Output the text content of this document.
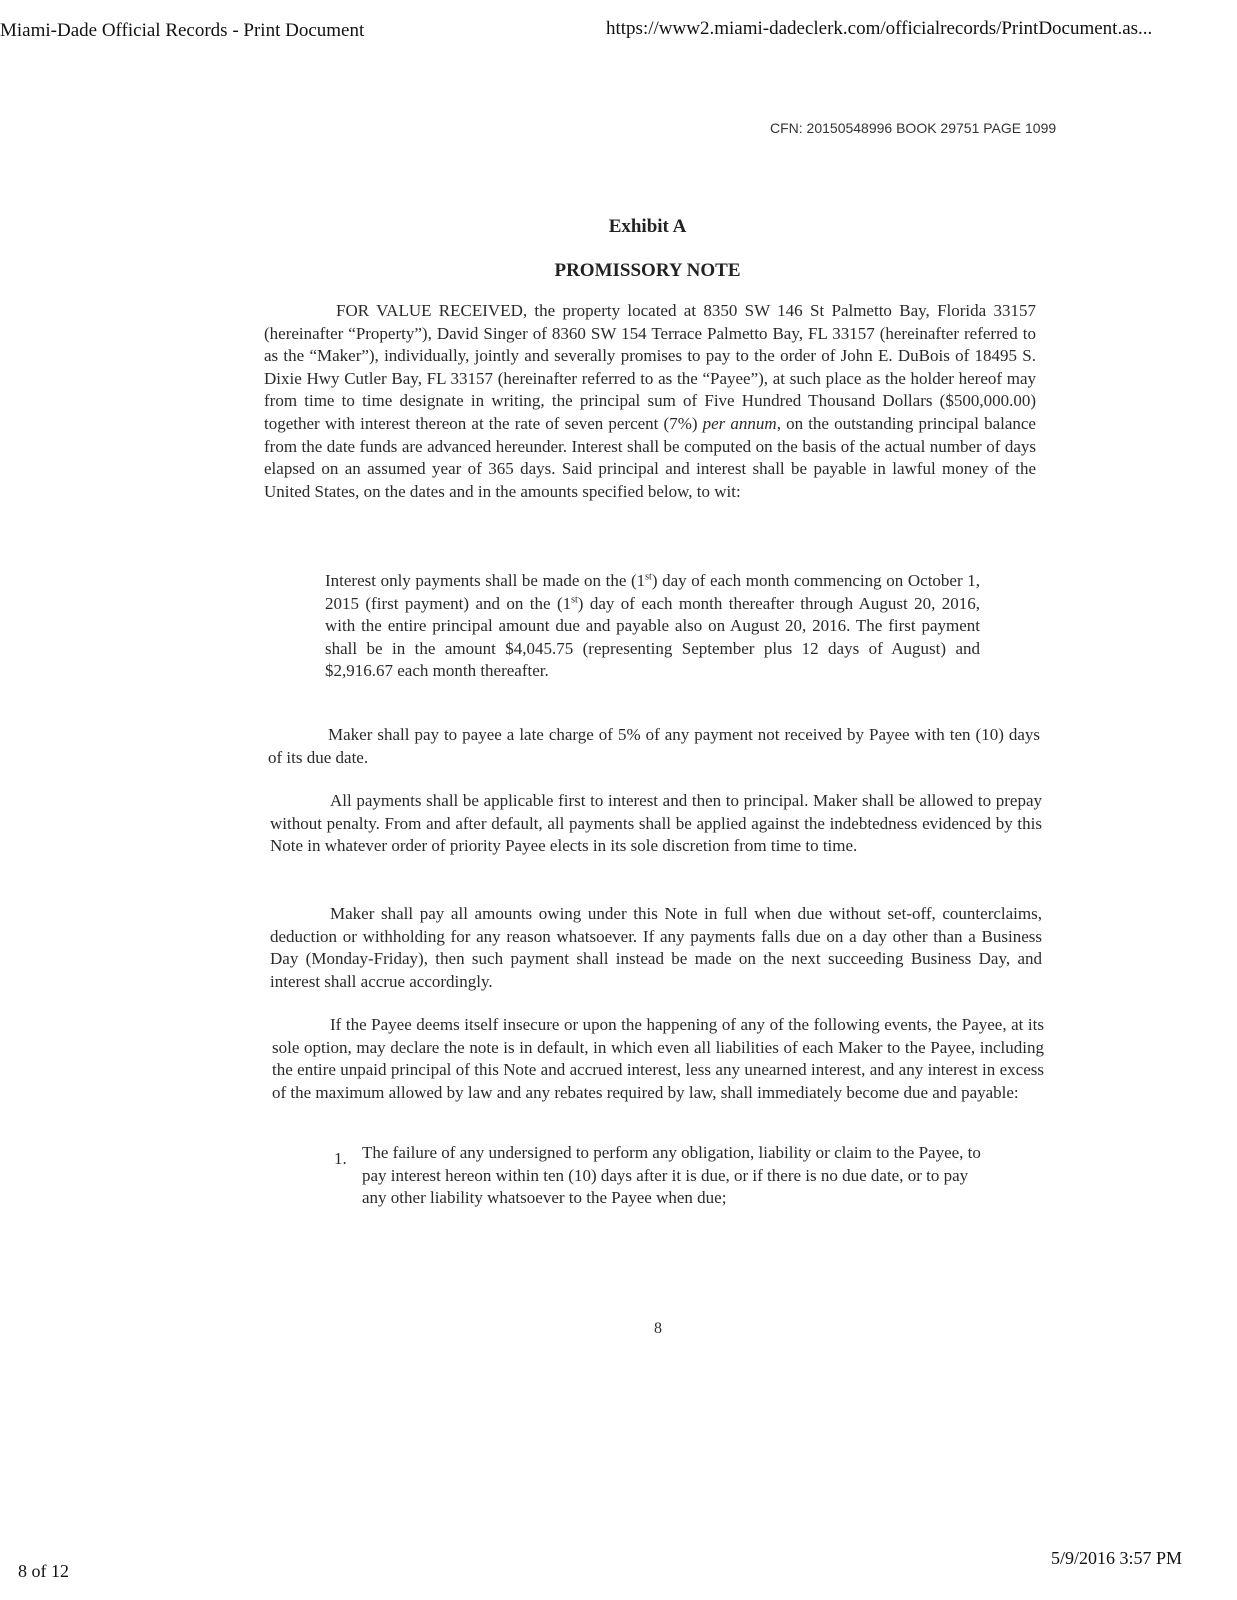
Miami-Dade Official Records - Print Document	https://www2.miami-dadeclerk.com/officialrecords/PrintDocument.as...
CFN: 20150548996 BOOK 29751 PAGE 1099
Exhibit A
PROMISSORY NOTE

FOR VALUE RECEIVED, the property located at 8350 SW 146 St Palmetto Bay, Florida 33157 (hereinafter “Property”), David Singer of 8360 SW 154 Terrace Palmetto Bay, FL 33157 (hereinafter referred to as the “Maker”), individually, jointly and severally promises to pay to the order of John E. DuBois of 18495 S. Dixie Hwy Cutler Bay, FL 33157 (hereinafter referred to as the “Payee”), at such place as the holder hereof may from time to time designate in writing, the principal sum of Five Hundred Thousand Dollars ($500,000.00) together with interest thereon at the rate of seven percent (7%) per annum, on the outstanding principal balance from the date funds are advanced hereunder. Interest shall be computed on the basis of the actual number of days elapsed on an assumed year of 365 days. Said principal and interest shall be payable in lawful money of the United States, on the dates and in the amounts specified below, to wit:

Interest only payments shall be made on the (1st) day of each month commencing on October 1, 2015 (first payment) and on the (1st) day of each month thereafter through August 20, 2016, with the entire principal amount due and payable also on August 20, 2016. The first payment shall be in the amount $4,045.75 (representing September plus 12 days of August) and $2,916.67 each month thereafter.

Maker shall pay to payee a late charge of 5% of any payment not received by Payee with ten (10) days of its due date.

All payments shall be applicable first to interest and then to principal. Maker shall be allowed to prepay without penalty. From and after default, all payments shall be applied against the indebtedness evidenced by this Note in whatever order of priority Payee elects in its sole discretion from time to time.

Maker shall pay all amounts owing under this Note in full when due without set-off, counterclaims, deduction or withholding for any reason whatsoever. If any payments falls due on a day other than a Business Day (Monday-Friday), then such payment shall instead be made on the next succeeding Business Day, and interest shall accrue accordingly.

If the Payee deems itself insecure or upon the happening of any of the following events, the Payee, at its sole option, may declare the note is in default, in which even all liabilities of each Maker to the Payee, including the entire unpaid principal of this Note and accrued interest, less any unearned interest, and any interest in excess of the maximum allowed by law and any rebates required by law, shall immediately become due and payable:

1. The failure of any undersigned to perform any obligation, liability or claim to the Payee, to pay interest hereon within ten (10) days after it is due, or if there is no due date, or to pay any other liability whatsoever to the Payee when due;

8
8 of 12
5/9/2016 3:57 PM
